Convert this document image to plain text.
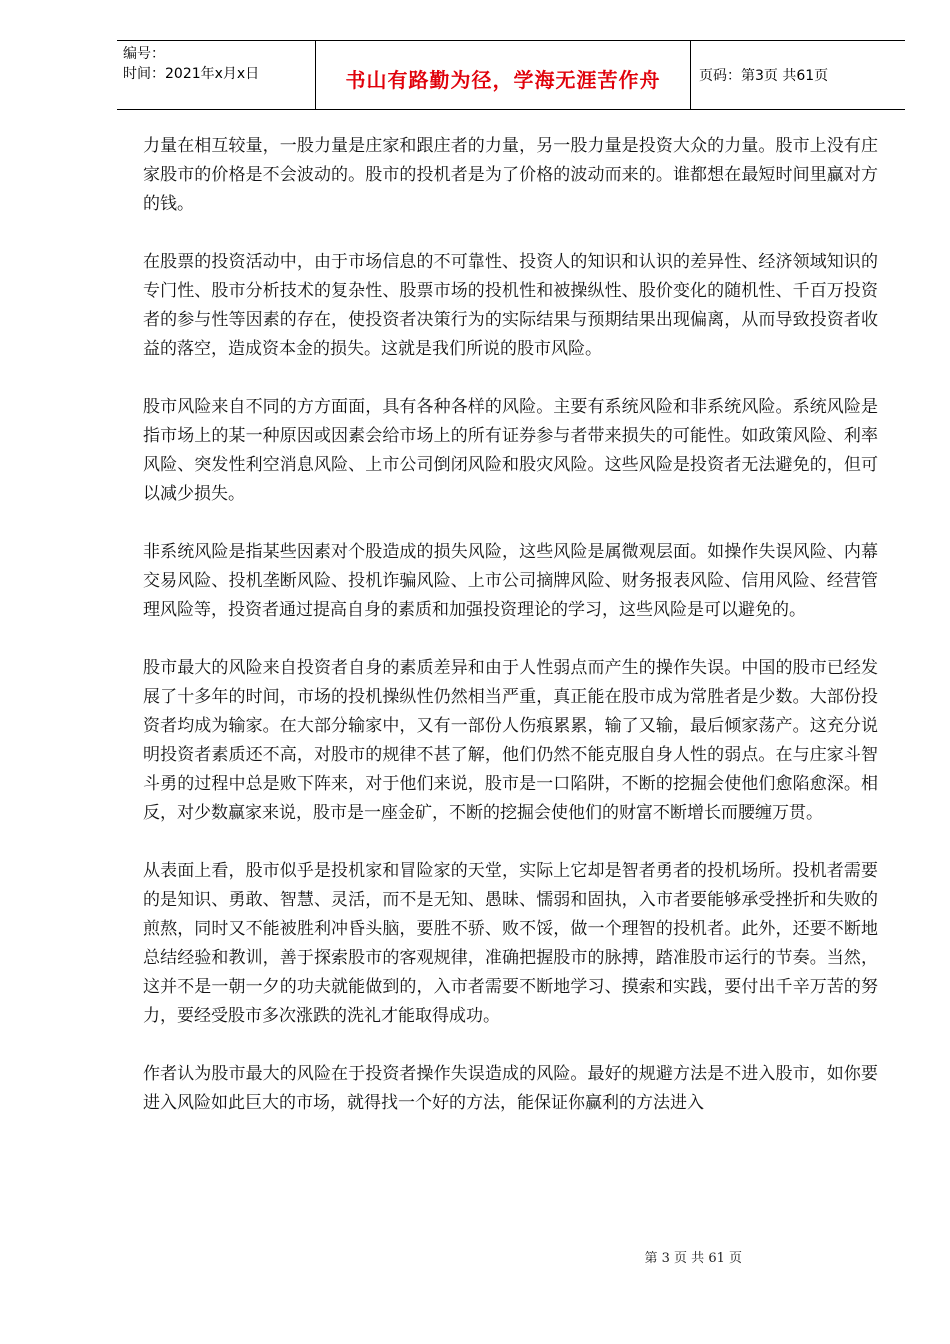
编号：
时间：2021年x月x日	书山有路勤为径，学海无涯苦作舟	页码：第3页 共61页

力量在相互较量，一股力量是庄家和跟庄者的力量，另一股力量是投资大众的力量。股市上没有庄家股市的价格是不会波动的。股市的投机者是为了价格的波动而来的。谁都想在最短时间里赢对方的钱。

在股票的投资活动中，由于市场信息的不可靠性、投资人的知识和认识的差异性、经济领域知识的专门性、股市分析技术的复杂性、股票市场的投机性和被操纵性、股价变化的随机性、千百万投资者的参与性等因素的存在，使投资者决策行为的实际结果与预期结果出现偏离，从而导致投资者收益的落空，造成资本金的损失。这就是我们所说的股市风险。

股市风险来自不同的方方面面，具有各种各样的风险。主要有系统风险和非系统风险。系统风险是指市场上的某一种原因或因素会给市场上的所有证券参与者带来损失的可能性。如政策风险、利率风险、突发性利空消息风险、上市公司倒闭风险和股灾风险。这些风险是投资者无法避免的，但可以减少损失。

非系统风险是指某些因素对个股造成的损失风险，这些风险是属微观层面。如操作失误风险、内幕交易风险、投机垄断风险、投机诈骗风险、上市公司摘牌风险、财务报表风险、信用风险、经营管理风险等，投资者通过提高自身的素质和加强投资理论的学习，这些风险是可以避免的。

股市最大的风险来自投资者自身的素质差异和由于人性弱点而产生的操作失误。中国的股市已经发展了十多年的时间，市场的投机操纵性仍然相当严重，真正能在股市成为常胜者是少数。大部份投资者均成为输家。在大部分输家中，又有一部份人伤痕累累，输了又输，最后倾家荡产。这充分说明投资者素质还不高，对股市的规律不甚了解，他们仍然不能克服自身人性的弱点。在与庄家斗智斗勇的过程中总是败下阵来，对于他们来说，股市是一口陷阱，不断的挖掘会使他们愈陷愈深。相反，对少数赢家来说，股市是一座金矿，不断的挖掘会使他们的财富不断增长而腰缠万贯。

从表面上看，股市似乎是投机家和冒险家的天堂，实际上它却是智者勇者的投机场所。投机者需要的是知识、勇敢、智慧、灵活，而不是无知、愚昧、懦弱和固执，入市者要能够承受挫折和失败的煎熬，同时又不能被胜利冲昏头脑，要胜不骄、败不馁，做一个理智的投机者。此外，还要不断地总结经验和教训，善于探索股市的客观规律，准确把握股市的脉搏，踏准股市运行的节奏。当然，这并不是一朝一夕的功夫就能做到的，入市者需要不断地学习、摸索和实践，要付出千辛万苦的努力，要经受股市多次涨跌的洗礼才能取得成功。

作者认为股市最大的风险在于投资者操作失误造成的风险。最好的规避方法是不进入股市，如你要进入风险如此巨大的市场，就得找一个好的方法，能保证你赢利的方法进入

第 3 页 共 61 页
